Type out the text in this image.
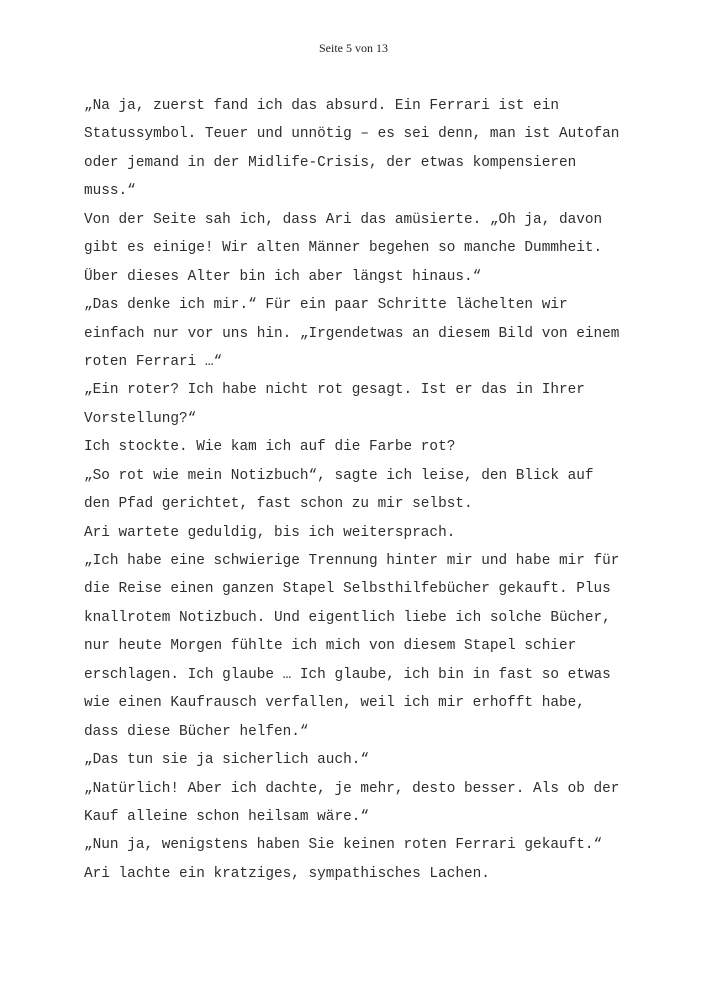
Seite 5 von 13
„Na ja, zuerst fand ich das absurd. Ein Ferrari ist ein
Statussymbol. Teuer und unnötig – es sei denn, man ist Autofan
oder jemand in der Midlife-Crisis, der etwas kompensieren
muss.“
Von der Seite sah ich, dass Ari das amüsierte. „Oh ja, davon
gibt es einige! Wir alten Männer begehen so manche Dummheit.
Über dieses Alter bin ich aber längst hinaus.“
„Das denke ich mir.“ Für ein paar Schritte lächelten wir
einfach nur vor uns hin. „Irgendetwas an diesem Bild von einem
roten Ferrari …“
„Ein roter? Ich habe nicht rot gesagt. Ist er das in Ihrer
Vorstellung?“
Ich stockte. Wie kam ich auf die Farbe rot?
„So rot wie mein Notizbuch“, sagte ich leise, den Blick auf
den Pfad gerichtet, fast schon zu mir selbst.
Ari wartete geduldig, bis ich weitersprach.
„Ich habe eine schwierige Trennung hinter mir und habe mir für
die Reise einen ganzen Stapel Selbsthilfebücher gekauft. Plus
knallrotem Notizbuch. Und eigentlich liebe ich solche Bücher,
nur heute Morgen fühlte ich mich von diesem Stapel schier
erschlagen. Ich glaube … Ich glaube, ich bin in fast so etwas
wie einen Kaufrausch verfallen, weil ich mir erhofft habe,
dass diese Bücher helfen.“
„Das tun sie ja sicherlich auch.“
„Natürlich! Aber ich dachte, je mehr, desto besser. Als ob der
Kauf alleine schon heilsam wäre.“
„Nun ja, wenigstens haben Sie keinen roten Ferrari gekauft.“
Ari lachte ein kratziges, sympathisches Lachen.
